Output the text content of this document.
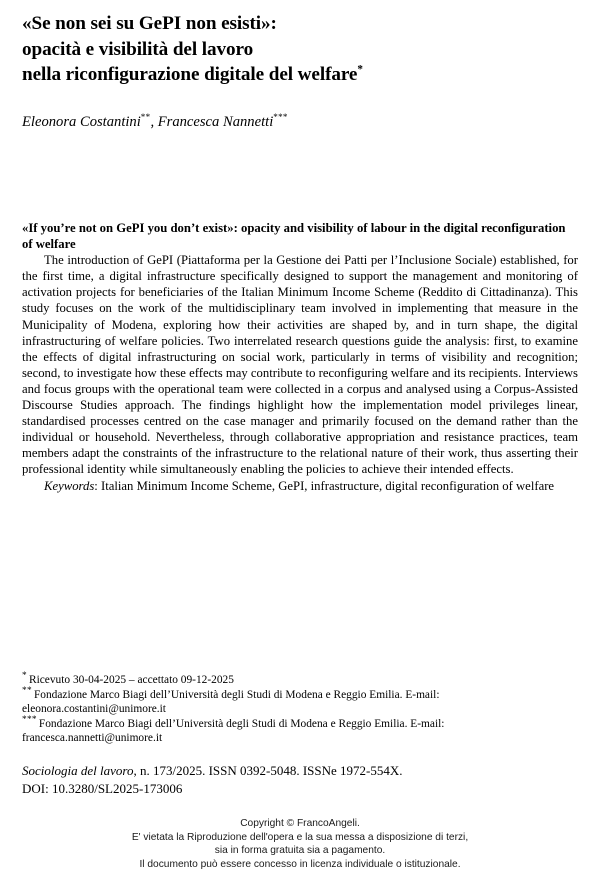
«Se non sei su GePI non esisti»:
opacità e visibilità del lavoro
nella riconfigurazione digitale del welfare*
Eleonora Costantini**, Francesca Nannetti***

«If you’re not on GePI you don’t exist»: opacity and visibility of labour in the digital reconfiguration of welfare

The introduction of GePI (Piattaforma per la Gestione dei Patti per l’Inclusione Sociale) established, for the first time, a digital infrastructure specifically designed to support the management and monitoring of activation projects for beneficiaries of the Italian Minimum Income Scheme (Reddito di Cittadinanza). This study focuses on the work of the multidisciplinary team involved in implementing that measure in the Municipality of Modena, exploring how their activities are shaped by, and in turn shape, the digital infrastructuring of welfare policies. Two interrelated research questions guide the analysis: first, to examine the effects of digital infrastructuring on social work, particularly in terms of visibility and recognition; second, to investigate how these effects may contribute to reconfiguring welfare and its recipients. Interviews and focus groups with the operational team were collected in a corpus and analysed using a Corpus-Assisted Discourse Studies approach. The findings highlight how the implementation model privileges linear, standardised processes centred on the case manager and primarily focused on the demand rather than the individual or household. Nevertheless, through collaborative appropriation and resistance practices, team members adapt the constraints of the infrastructure to the relational nature of their work, thus asserting their professional identity while simultaneously enabling the policies to achieve their intended effects.

Keywords: Italian Minimum Income Scheme, GePI, infrastructure, digital reconfiguration of welfare

* Ricevuto 30-04-2025 – accettato 09-12-2025

** Fondazione Marco Biagi dell’Università degli Studi di Modena e Reggio Emilia. E-mail: eleonora.costantini@unimore.it

*** Fondazione Marco Biagi dell’Università degli Studi di Modena e Reggio Emilia. E-mail: francesca.nannetti@unimore.it

Sociologia del lavoro, n. 173/2025. ISSN 0392-5048. ISSNe 1972-554X.

DOI: 10.3280/SL2025-173006

Copyright © FrancoAngeli.
E' vietata la Riproduzione dell'opera e la sua messa a disposizione di terzi,
sia in forma gratuita sia a pagamento.
Il documento può essere concesso in licenza individuale o istituzionale.
